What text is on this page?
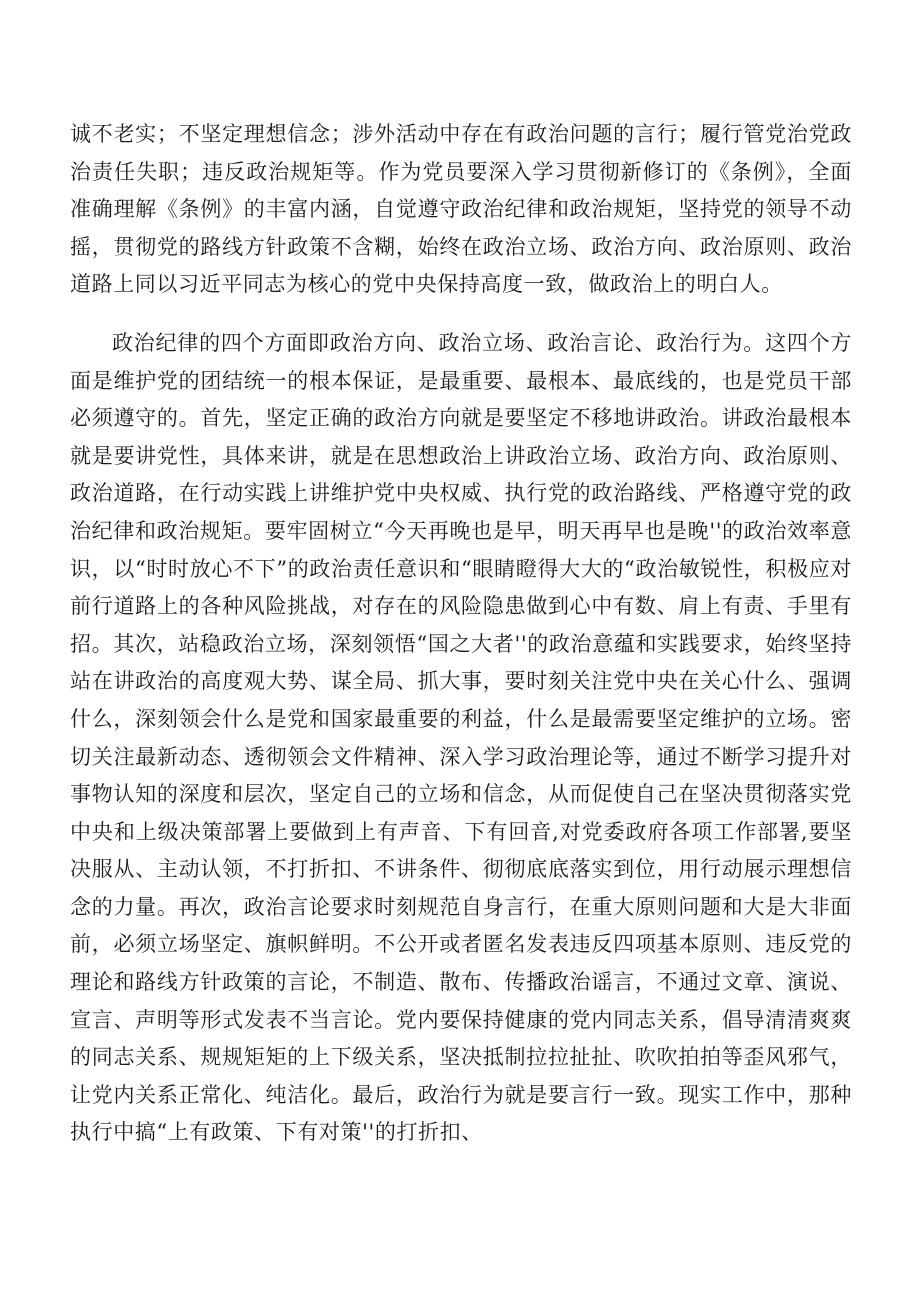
诚不老实；不坚定理想信念；涉外活动中存在有政治问题的言行；履行管党治党政治责任失职；违反政治规矩等。作为党员要深入学习贯彻新修订的《条例》，全面准确理解《条例》的丰富内涵，自觉遵守政治纪律和政治规矩，坚持党的领导不动摇，贯彻党的路线方针政策不含糊，始终在政治立场、政治方向、政治原则、政治道路上同以习近平同志为核心的党中央保持高度一致，做政治上的明白人。

政治纪律的四个方面即政治方向、政治立场、政治言论、政治行为。这四个方面是维护党的团结统一的根本保证，是最重要、最根本、最底线的，也是党员干部必须遵守的。首先，坚定正确的政治方向就是要坚定不移地讲政治。讲政治最根本就是要讲党性，具体来讲，就是在思想政治上讲政治立场、政治方向、政治原则、政治道路，在行动实践上讲维护党中央权威、执行党的政治路线、严格遵守党的政治纪律和政治规矩。要牢固树立“今天再晚也是早，明天再早也是晚''的政治效率意识，以“时时放心不下”的政治责任意识和“眼睛瞪得大大的“政治敏锐性，积极应对前行道路上的各种风险挑战，对存在的风险隐患做到心中有数、肩上有责、手里有招。其次，站稳政治立场，深刻领悟“国之大者''的政治意蕴和实践要求，始终坚持站在讲政治的高度观大势、谋全局、抓大事，要时刻关注党中央在关心什么、强调什么，深刻领会什么是党和国家最重要的利益，什么是最需要坚定维护的立场。密切关注最新动态、透彻领会文件精神、深入学习政治理论等，通过不断学习提升对事物认知的深度和层次，坚定自己的立场和信念，从而促使自己在坚决贯彻落实党中央和上级决策部署上要做到上有声音、下有回音,对党委政府各项工作部署,要坚决服从、主动认领，不打折扣、不讲条件、彻彻底底落实到位，用行动展示理想信念的力量。再次，政治言论要求时刻规范自身言行，在重大原则问题和大是大非面前，必须立场坚定、旗帜鲜明。不公开或者匿名发表违反四项基本原则、违反党的理论和路线方针政策的言论，不制造、散布、传播政治谣言，不通过文章、演说、宣言、声明等形式发表不当言论。党内要保持健康的党内同志关系，倡导清清爽爽的同志关系、规规矩矩的上下级关系，坚决抵制拉拉扯扯、吹吹拍拍等歪风邪气，让党内关系正常化、纯洁化。最后，政治行为就是要言行一致。现实工作中，那种执行中搞“上有政策、下有对策''的打折扣、
